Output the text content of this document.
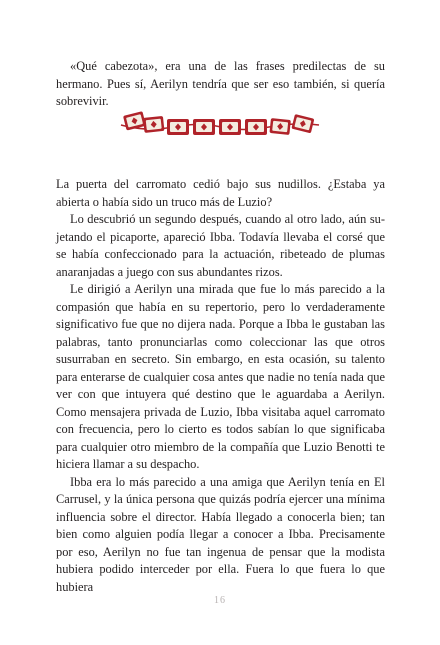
«Qué cabezota», era una de las frases predilectas de su hermano. Pues sí, Aerilyn tendría que ser eso también, si quería sobrevivir.

La puerta del carromato cedió bajo sus nudillos. ¿Estaba ya abierta o había sido un truco más de Luzio?

Lo descubrió un segundo después, cuando al otro lado, aún sujetando el picaporte, apareció Ibba. Todavía llevaba el corsé que se había confeccionado para la actuación, ribeteado de plumas anaranjadas a juego con sus abundantes rizos.

Le dirigió a Aerilyn una mirada que fue lo más parecido a la compasión que había en su repertorio, pero lo verdaderamente significativo fue que no dijera nada. Porque a Ibba le gustaban las palabras, tanto pronunciarlas como coleccionar las que otros susurraban en secreto. Sin embargo, en esta ocasión, su talento para enterarse de cualquier cosa antes que nadie no tenía nada que ver con que intuyera qué destino que le aguardaba a Aerilyn. Como mensajera privada de Luzio, Ibba visitaba aquel carromato con frecuencia, pero lo cierto es todos sabían lo que significaba para cualquier otro miembro de la compañía que Luzio Benotti te hiciera llamar a su despacho.

Ibba era lo más parecido a una amiga que Aerilyn tenía en El Carrusel, y la única persona que quizás podría ejercer una mínima influencia sobre el director. Había llegado a conocerla bien; tan bien como alguien podía llegar a conocer a Ibba. Precisamente por eso, Aerilyn no fue tan ingenua de pensar que la modista hubiera podido interceder por ella. Fuera lo que fuera lo que hubiera

16
